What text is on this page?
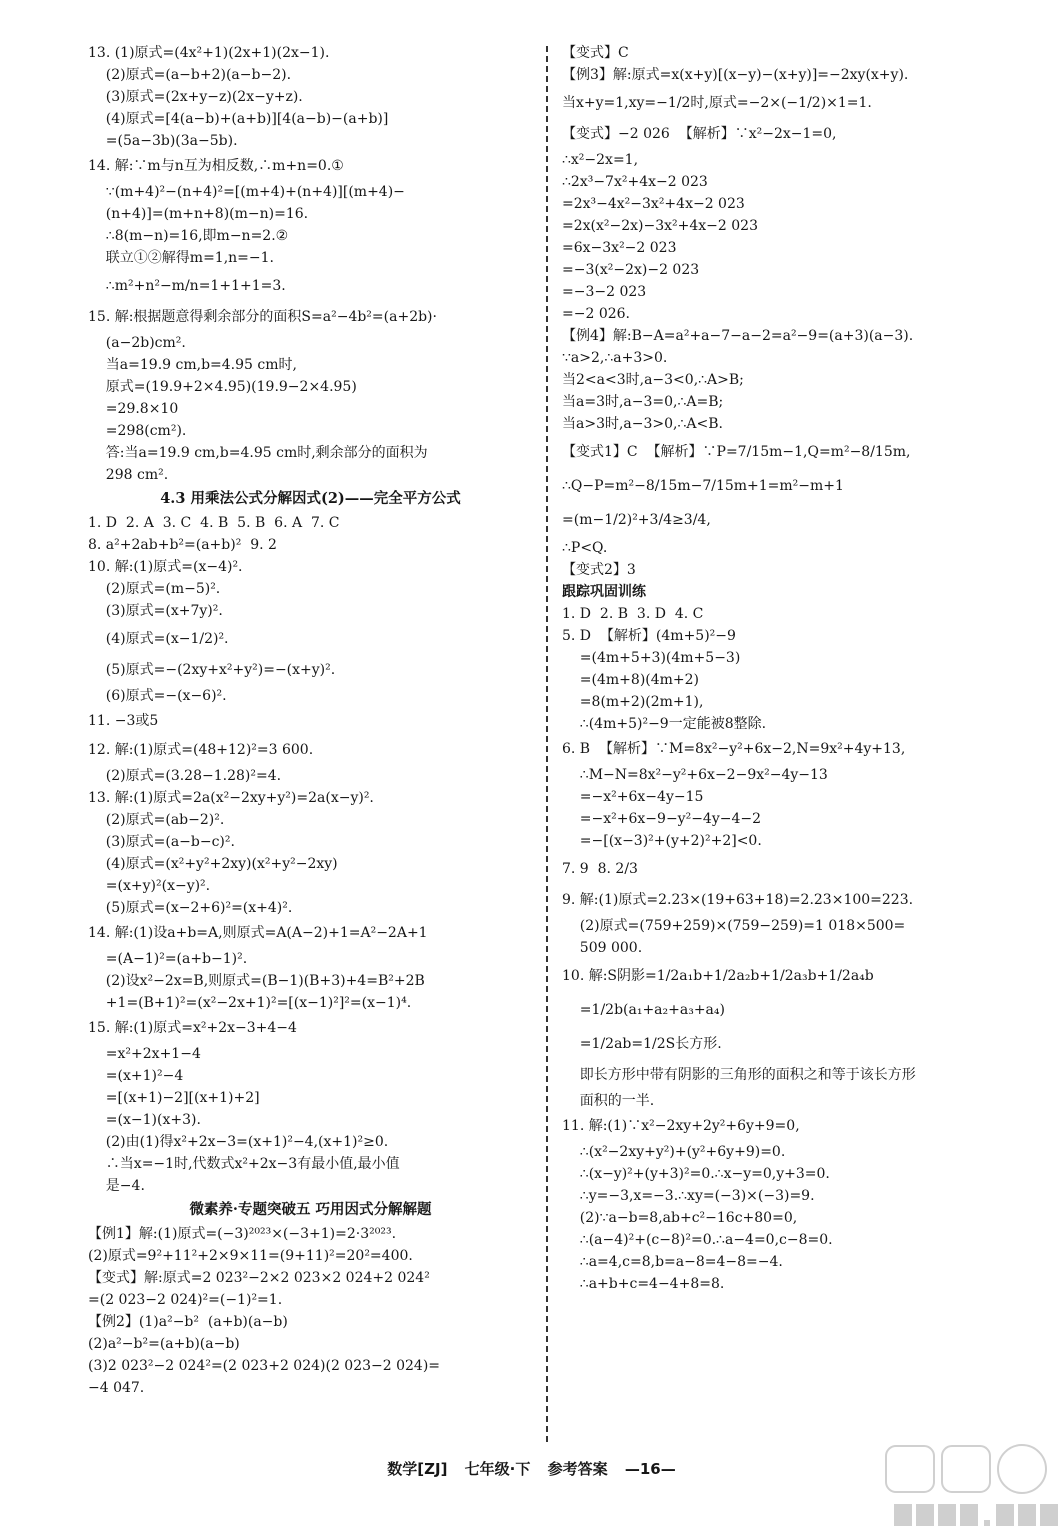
13. (1)原式=(4x²+1)(2x+1)(2x−1).
(2)原式=(a−b+2)(a−b−2).
(3)原式=(2x+y−z)(2x−y+z).
(4)原式=[4(a−b)+(a+b)][4(a−b)−(a+b)]
=(5a−3b)(3a−5b).
14. 解:∵m与n互为相反数,∴m+n=0.①
∵(m+4)²−(n+4)²=[(m+4)+(n+4)][(m+4)−
(n+4)]=(m+n+8)(m−n)=16.
∴8(m−n)=16,即m−n=2.②
联立①②解得m=1,n=−1.
∴m²+n²−m/n=1+1+1=3.
15. 解:根据题意得剩余部分的面积S=a²−4b²=(a+2b)·
(a−2b)cm².
当a=19.9 cm,b=4.95 cm时,
原式=(19.9+2×4.95)(19.9−2×4.95)
=29.8×10
=298(cm²).
答:当a=19.9 cm,b=4.95 cm时,剩余部分的面积为
298 cm².
4.3 用乘法公式分解因式(2)——完全平方公式
1. D  2. A  3. C  4. B  5. B  6. A  7. C
8. a²+2ab+b²=(a+b)²  9. 2
10. 解:(1)原式=(x−4)².
(2)原式=(m−5)².
(3)原式=(x+7y)².
(4)原式=(x−1/2)².
(5)原式=−(2xy+x²+y²)=−(x+y)².
(6)原式=−(x−6)².
11. −3或5
12. 解:(1)原式=(48+12)²=3 600.
(2)原式=(3.28−1.28)²=4.
13. 解:(1)原式=2a(x²−2xy+y²)=2a(x−y)².
(2)原式=(ab−2)².
(3)原式=(a−b−c)².
(4)原式=(x²+y²+2xy)(x²+y²−2xy)
=(x+y)²(x−y)².
(5)原式=(x−2+6)²=(x+4)².
14. 解:(1)设a+b=A,则原式=A(A−2)+1=A²−2A+1
=(A−1)²=(a+b−1)².
(2)设x²−2x=B,则原式=(B−1)(B+3)+4=B²+2B
+1=(B+1)²=(x²−2x+1)²=[(x−1)²]²=(x−1)⁴.
15. 解:(1)原式=x²+2x−3+4−4
=x²+2x+1−4
=(x+1)²−4
=[(x+1)−2][(x+1)+2]
=(x−1)(x+3).
(2)由(1)得x²+2x−3=(x+1)²−4,(x+1)²≥0.
∴当x=−1时,代数式x²+2x−3有最小值,最小值
是−4.
微素养·专题突破五 巧用因式分解解题
【例1】解:(1)原式=(−3)²⁰²³×(−3+1)=2·3²⁰²³.
(2)原式=9²+11²+2×9×11=(9+11)²=20²=400.
【变式】解:原式=2 023²−2×2 023×2 024+2 024²
=(2 023−2 024)²=(−1)²=1.
【例2】(1)a²−b²  (a+b)(a−b)
(2)a²−b²=(a+b)(a−b)
(3)2 023²−2 024²=(2 023+2 024)(2 023−2 024)=
−4 047.
【变式】C
【例3】解:原式=x(x+y)[(x−y)−(x+y)]=−2xy(x+y).
当x+y=1,xy=−1/2时,原式=−2×(−1/2)×1=1.
【变式】−2 026  【解析】∵x²−2x−1=0,
∴x²−2x=1,
∴2x³−7x²+4x−2 023
=2x³−4x²−3x²+4x−2 023
=2x(x²−2x)−3x²+4x−2 023
=6x−3x²−2 023
=−3(x²−2x)−2 023
=−3−2 023
=−2 026.
【例4】解:B−A=a²+a−7−a−2=a²−9=(a+3)(a−3).
∵a>2,∴a+3>0.
当2<a<3时,a−3<0,∴A>B;
当a=3时,a−3=0,∴A=B;
当a>3时,a−3>0,∴A<B.
【变式1】C  【解析】∵P=7/15m−1,Q=m²−8/15m,
∴Q−P=m²−8/15m−7/15m+1=m²−m+1
=(m−1/2)²+3/4≥3/4,
∴P<Q.
【变式2】3
跟踪巩固训练
1. D  2. B  3. D  4. C
5. D  【解析】(4m+5)²−9
=(4m+5+3)(4m+5−3)
=(4m+8)(4m+2)
=8(m+2)(2m+1),
∴(4m+5)²−9一定能被8整除.
6. B  【解析】∵M=8x²−y²+6x−2,N=9x²+4y+13,
∴M−N=8x²−y²+6x−2−9x²−4y−13
=−x²+6x−4y−15
=−x²+6x−9−y²−4y−4−2
=−[(x−3)²+(y+2)²+2]<0.
7. 9  8. 2/3
9. 解:(1)原式=2.23×(19+63+18)=2.23×100=223.
(2)原式=(759+259)×(759−259)=1 018×500=
509 000.
10. 解:S阴影=1/2a₁b+1/2a₂b+1/2a₃b+1/2a₄b
=1/2b(a₁+a₂+a₃+a₄)
=1/2ab=1/2S长方形.
即长方形中带有阴影的三角形的面积之和等于该长方形
面积的一半.
11. 解:(1)∵x²−2xy+2y²+6y+9=0,
∴(x²−2xy+y²)+(y²+6y+9)=0.
∴(x−y)²+(y+3)²=0.∴x−y=0,y+3=0.
∴y=−3,x=−3.∴xy=(−3)×(−3)=9.
(2)∵a−b=8,ab+c²−16c+80=0,
∴(a−4)²+(c−8)²=0.∴a−4=0,c−8=0.
∴a=4,c=8,b=a−8=4−8=−4.
∴a+b+c=4−4+8=8.
数学[ZJ] 七年级·下 参考答案 —16—
